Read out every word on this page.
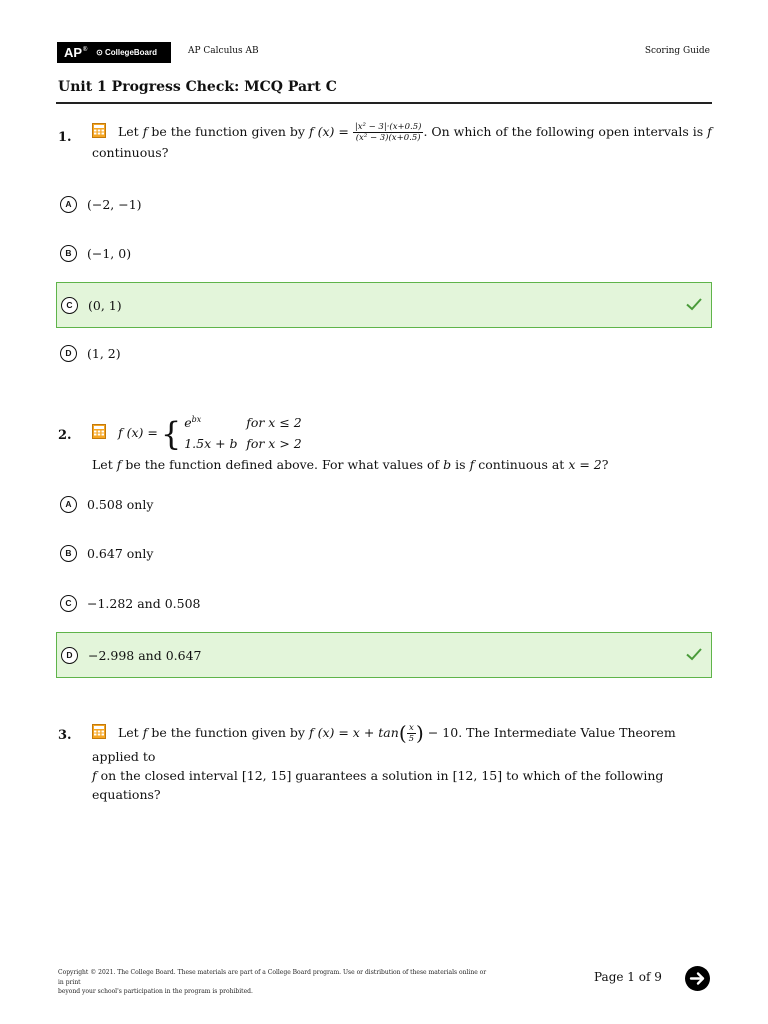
AP ® ⊙ CollegeBoard	AP Calculus AB	Scoring Guide
Unit 1 Progress Check: MCQ Part C
1.	Let f be the function given by f $(x) = \frac{\text{|x² − 3|·(x+0.5)}}{\text{(x² − 3)(x+0.5)}}$ . On which of the following open intervals is f
continuous?
A	(−2, −1)
B	(−1, 0)
C	(0, 1)
D	(1, 2)
2.
	f (x) = { $e^{bx}$	for x ≤ 2
1.5x + b for x > 2
Let f be the function defined above. For what values of b is f continuous at x = 2?
A	0.508 only
B	0.647 only
C	−1.282 and 0.508
D	−2.998 and 0.647
3.	Let f be the function given by f $(x) = x + \tan( \frac{x}{5}$ ) − 10. The Intermediate Value Theorem applied to
f on the closed interval [12, 15] guarantees a solution in [12, 15] to which of the following equations?
Copyright © 2021. The College Board. These materials are part of a College Board program. Use or distribution of these materials online or in print
beyond your school's participation in the program is prohibited.
Page 1 of 9
